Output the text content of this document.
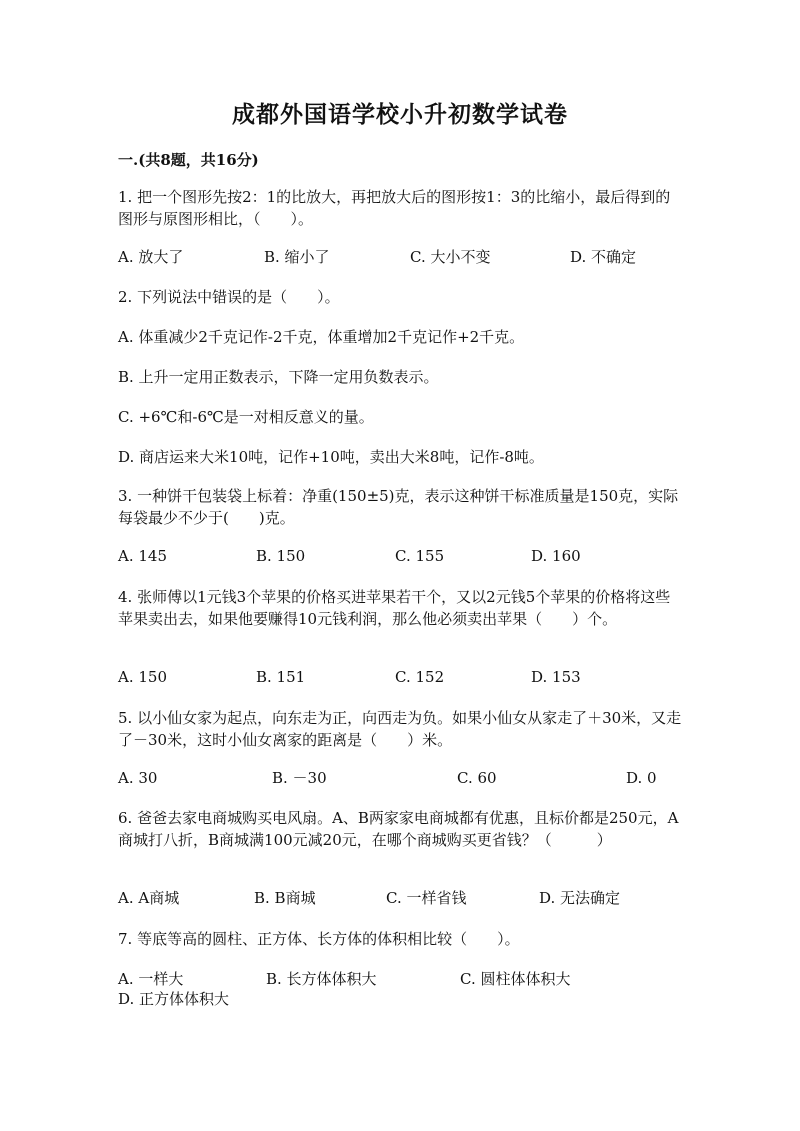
成都外国语学校小升初数学试卷
一.(共8题，共16分)
1. 把一个图形先按2：1的比放大，再把放大后的图形按1：3的比缩小，最后得到的图形与原图形相比，（　　）。
A. 放大了	B. 缩小了	C. 大小不变	D. 不确定
2. 下列说法中错误的是（　　）。
A. 体重减少2千克记作-2千克，体重增加2千克记作+2千克。
B. 上升一定用正数表示，下降一定用负数表示。
C. +6℃和-6℃是一对相反意义的量。
D. 商店运来大米10吨，记作+10吨，卖出大米8吨，记作-8吨。
3. 一种饼干包装袋上标着：净重(150±5)克，表示这种饼干标准质量是150克，实际每袋最少不少于(　　)克。
A. 145	B. 150	C. 155	D. 160
4. 张师傅以1元钱3个苹果的价格买进苹果若干个，又以2元钱5个苹果的价格将这些苹果卖出去，如果他要赚得10元钱利润，那么他必须卖出苹果（　　）个。
A. 150	B. 151	C. 152	D. 153
5. 以小仙女家为起点，向东走为正，向西走为负。如果小仙女从家走了＋30米，又走了－30米，这时小仙女离家的距离是（　　）米。
A. 30	B. －30	C. 60	D. 0
6. 爸爸去家电商城购买电风扇。A、B两家家电商城都有优惠，且标价都是250元，A商城打八折，B商城满100元减20元，在哪个商城购买更省钱？（　　　）
A. A商城	B. B商城	C. 一样省钱	D. 无法确定
7. 等底等高的圆柱、正方体、长方体的体积相比较（　　）。
A. 一样大	B. 长方体体积大	C. 圆柱体体积大
D. 正方体体积大
